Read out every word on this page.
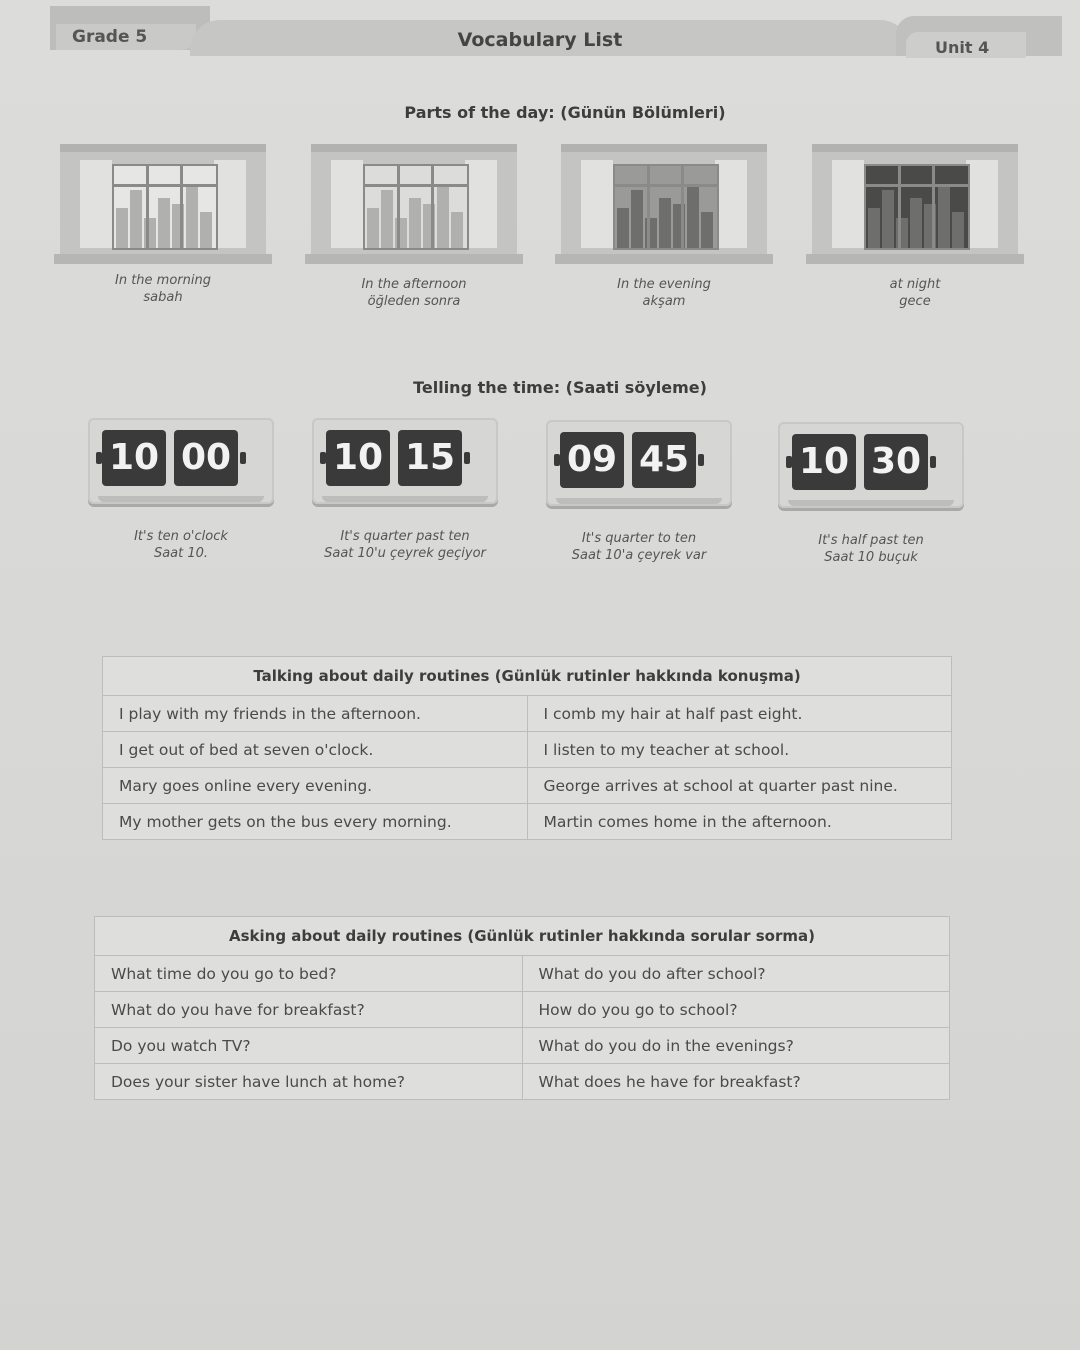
Grade 5	Vocabulary List	Unit 4
Parts of the day: (Günün Bölümleri)
In the morning
sabah
In the afternoon
öğleden sonra
In the evening
akşam
at night
gece
Telling the time: (Saati söyleme)
10 00
It's ten o'clock
Saat 10.
10 15
It's quarter past ten
Saat 10'u çeyrek geçiyor
09 45
It's quarter to ten
Saat 10'a çeyrek var
10 30
It's half past ten
Saat 10 buçuk
Talking about daily routines (Günlük rutinler hakkında konuşma)	
I play with my friends in the afternoon.	I comb my hair at half past eight.
I get out of bed at seven o'clock.	I listen to my teacher at school.
Mary goes online every evening.	George arrives at school at quarter past nine.
My mother gets on the bus every morning.	Martin comes home in the afternoon.
Asking about daily routines (Günlük rutinler hakkında sorular sorma)	
What time do you go to bed?	What do you do after school?
What do you have for breakfast?	How do you go to school?
Do you watch TV?	What do you do in the evenings?
Does your sister have lunch at home?	What does he have for breakfast?
